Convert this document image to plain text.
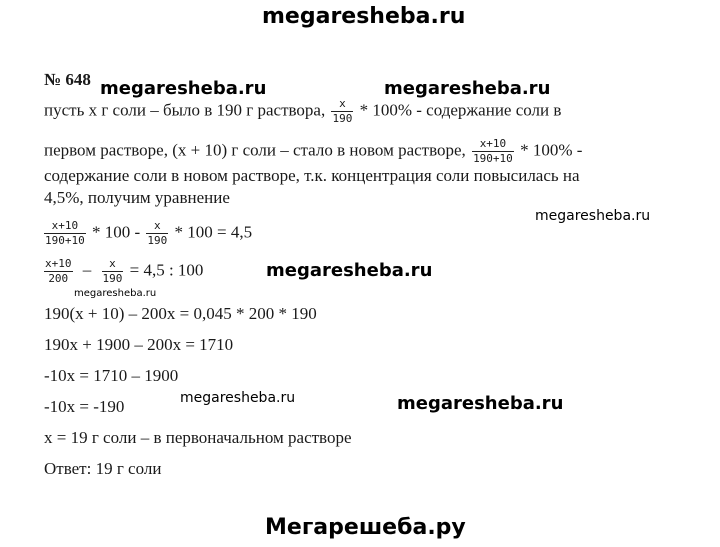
megaresheba.ru
№ 648 megaresheba.ru	megaresheba.ru
megaresheba.ru
megaresheba.ru
megaresheba.ru
megaresheba.ru	megaresheba.ru
пусть х г соли – было в 190 г раствора, $\frac{x}{190} * 100\%$ - содержание соли в
первом растворе, (х + 10) г соли – стало в новом растворе, $\frac{x+10}{190+10} * 100\%$ -
содержание соли в новом растворе, т.к. концентрация соли повысилась на
4,5%, получим уравнение
$\frac{x+10}{190+10} * 100 - \frac{x}{190} * 100 = 4,5$
$\frac{x+10}{200} - \frac{x}{190} = 4,5$ : 100
190(х + 10) – 200х = 0,045 * 200 * 190
190х + 1900 – 200х = 1710
-10х = 1710 – 1900
-10х = -190
х = 19 г соли – в первоначальном растворе
Ответ: 19 г соли
Мегарешеба.ру
